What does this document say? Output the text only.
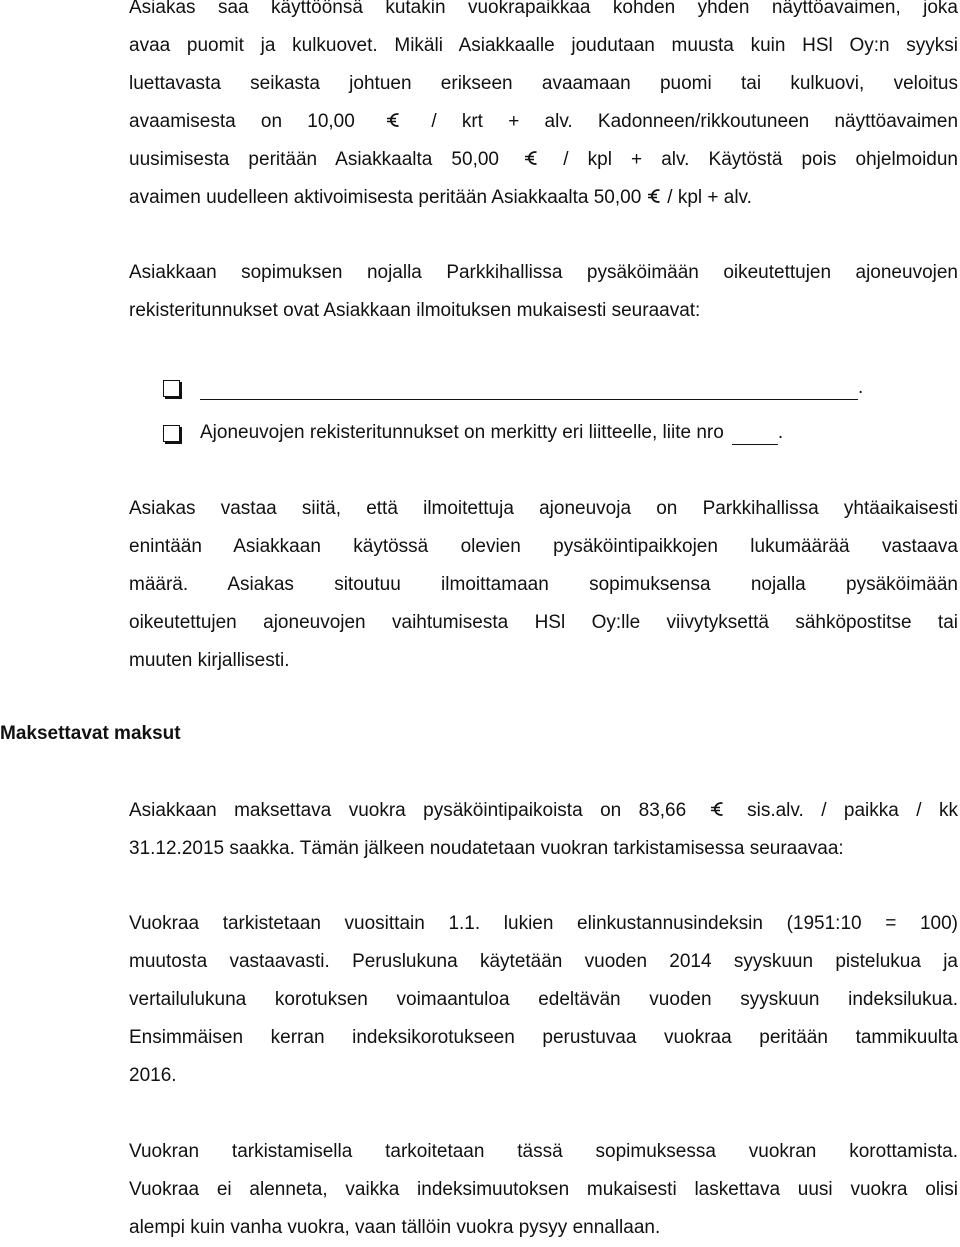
Asiakas saa käyttöönsä kutakin vuokrapaikkaa kohden yhden näyttöavaimen, joka
avaa puomit ja kulkuovet. Mikäli Asiakkaalle joudutaan muusta kuin HSl Oy:n syyksi
luettavasta seikasta johtuen erikseen avaamaan puomi tai kulkuovi, veloitus
avaamisesta on 10,00	/ krt + alv. Kadonneen/rikkoutuneen näyttöavaimen
uusimisesta peritään Asiakkaalta 50,00	/ kpl + alv. Käytöstä pois ohjelmoidun
avaimen uudelleen aktivoimisesta peritään Asiakkaalta 50,00 / kpl + alv.
Asiakkaan sopimuksen nojalla Parkkihallissa pysäköimään oikeutettujen ajoneuvojen
rekisteritunnukset ovat Asiakkaan ilmoituksen mukaisesti seuraavat:
.
Ajoneuvojen rekisteritunnukset on merkitty eri liitteelle, liite nro	.
Asiakas vastaa siitä, että ilmoitettuja ajoneuvoja on Parkkihallissa yhtäaikaisesti
enintään Asiakkaan käytössä olevien pysäköintipaikkojen lukumäärää vastaava
määrä. Asiakas sitoutuu ilmoittamaan sopimuksensa nojalla pysäköimään
oikeutettujen ajoneuvojen vaihtumisesta HSl Oy:lle viivytyksettä sähköpostitse tai
muuten kirjallisesti.
Maksettavat maksut
Asiakkaan maksettava vuokra pysäköintipaikoista on 83,66	sis.alv. / paikka / kk
31.12.2015 saakka. Tämän jälkeen noudatetaan vuokran tarkistamisessa seuraavaa:
Vuokraa tarkistetaan vuosittain 1.1. lukien elinkustannusindeksin (1951:10 = 100)
muutosta vastaavasti. Peruslukuna käytetään vuoden 2014 syyskuun pistelukua ja
vertailulukuna korotuksen voimaantuloa edeltävän vuoden syyskuun indeksilukua.
Ensimmäisen kerran indeksikorotukseen perustuvaa vuokraa peritään tammikuulta
2016.
Vuokran tarkistamisella tarkoitetaan tässä sopimuksessa vuokran korottamista.
Vuokraa ei alenneta, vaikka indeksimuutoksen mukaisesti laskettava uusi vuokra olisi
alempi kuin vanha vuokra, vaan tällöin vuokra pysyy ennallaan.
